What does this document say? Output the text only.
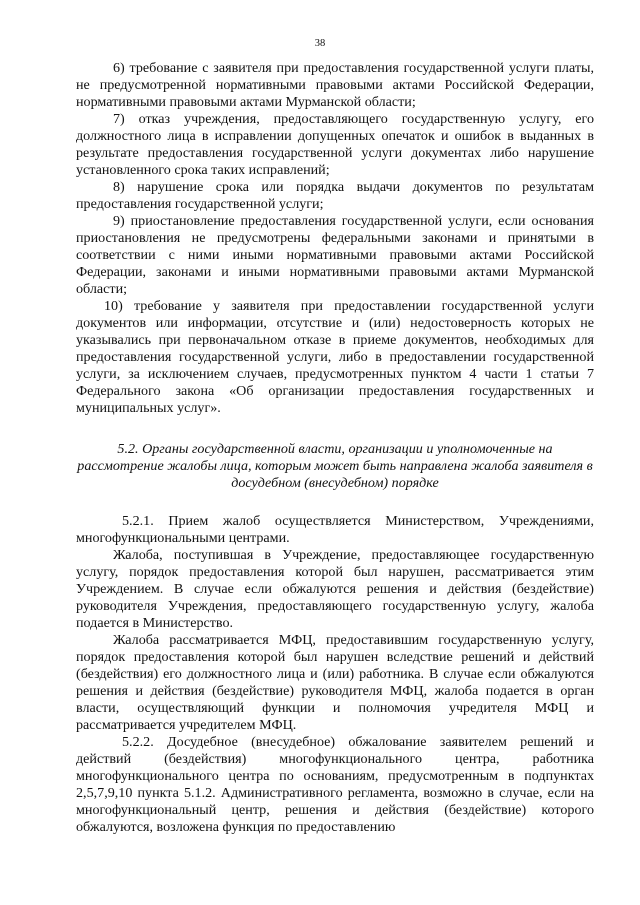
38

6) требование с заявителя при предоставления государственной услуги платы, не предусмотренной нормативными правовыми актами Российской Федерации, нормативными правовыми актами Мурманской области;

7) отказ учреждения, предоставляющего государственную услугу, его должностного лица в исправлении допущенных опечаток и ошибок в выданных в результате предоставления государственной услуги документах либо нарушение установленного срока таких исправлений;

8) нарушение срока или порядка выдачи документов по результатам предоставления государственной услуги;

9) приостановление предоставления государственной услуги, если основания приостановления не предусмотрены федеральными законами и принятыми в соответствии с ними иными нормативными правовыми актами Российской Федерации, законами и иными нормативными правовыми актами Мурманской области;

10) требование у заявителя при предоставлении государственной услуги документов или информации, отсутствие и (или) недостоверность которых не указывались при первоначальном отказе в приеме документов, необходимых для предоставления государственной услуги, либо в предоставлении государственной услуги, за исключением случаев, предусмотренных пунктом 4 части 1 статьи 7 Федерального закона «Об организации предоставления государственных и муниципальных услуг».

5.2. Органы государственной власти, организации и уполномоченные на рассмотрение жалобы лица, которым может быть направлена жалоба заявителя в досудебном (внесудебном) порядке

5.2.1. Прием жалоб осуществляется Министерством, Учреждениями, многофункциональными центрами.

Жалоба, поступившая в Учреждение, предоставляющее государственную услугу, порядок предоставления которой был нарушен, рассматривается этим Учреждением. В случае если обжалуются решения и действия (бездействие) руководителя Учреждения, предоставляющего государственную услугу, жалоба подается в Министерство.

Жалоба рассматривается МФЦ, предоставившим государственную услугу, порядок предоставления которой был нарушен вследствие решений и действий (бездействия) его должностного лица и (или) работника. В случае если обжалуются решения и действия (бездействие) руководителя МФЦ, жалоба подается в орган власти, осуществляющий функции и полномочия учредителя МФЦ и рассматривается учредителем МФЦ.

5.2.2. Досудебное (внесудебное) обжалование заявителем решений и действий (бездействия) многофункционального центра, работника многофункционального центра по основаниям, предусмотренным в подпунктах 2,5,7,9,10 пункта 5.1.2. Административного регламента, возможно в случае, если на многофункциональный центр, решения и действия (бездействие) которого обжалуются, возложена функция по предоставлению
